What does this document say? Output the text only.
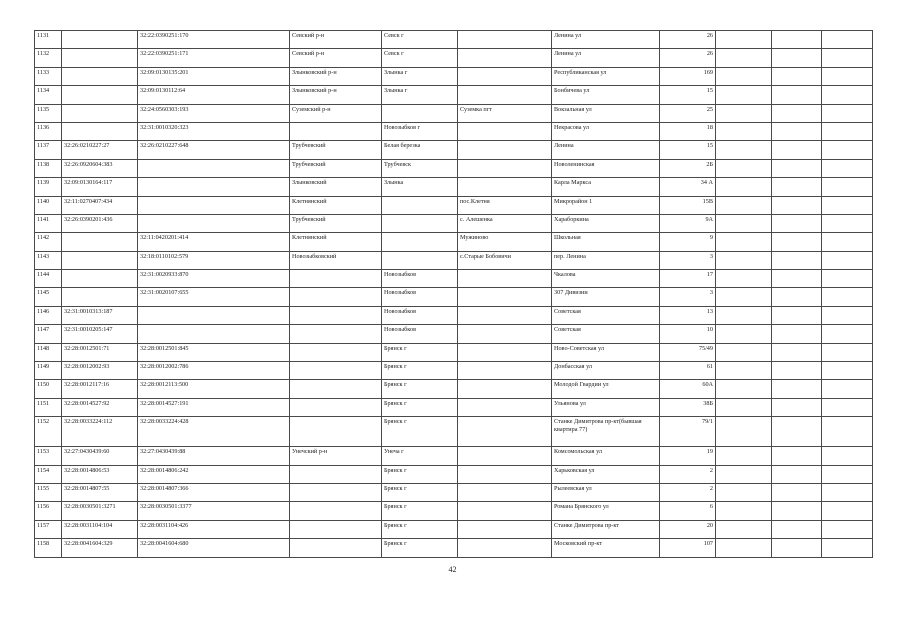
1131		32:22:0390251:170	Севский р-н	Севск г		Ленина ул	26			
1132		32:22:0390251:171	Севский р-н	Севск г		Ленина ул	26			
1133		32:09:0130135:201	Злынковский р-н	Злынка г		Республиканская ул	169			
1134		32:09:0130112:64	Злынковский р-н	Злынка г		Бонбичева ул	15			
1135		32:24:0560303:193	Суземский р-н		Суземка пгт	Вокзальная ул	25			
1136		32:31:0010320:323		Новозыбков г		Некрасова ул	18			
1137	32:26:0210227:27	32:26:0210227:648	Трубчевский	Белая березка		Ленина	15			
1138	32:26:0920604:383		Трубчевский	Трубчевск		Новоленинская	2Б			
1139	32:09:0130164:117		Злынковский	Злынка		Карла Маркса	34 А			
1140	32:11:0270407:434		Клетнянский		пос.Клетня	Микрорайон 1	15В			
1141	32:26:0390201:436		Трубчевский		с. Алешенка	Хараборкина	9А			
1142		32:11:0420201:414	Клетнянский		Мужиново	Школьная	9			
1143		32:18:0110102:579	Новозыбковский		с.Старые Бобовичи	пер. Ленина	3			
1144		32:31:0020933:870		Новозыбков		Чкалова	17			
1145		32:31:0020107:655		Новозыбков		307 Дивизии	3			
1146	32:31:0010313:187			Новозыбков		Советская	13			
1147	32:31:0010205:147			Новозыбков		Советская	10			
1148	32:28:0012501:71	32:28:0012501:845		Брянск г		Ново-Советская ул	75/49			
1149	32:28:0012002:93	32:28:0012002:786		Брянск г		Донбасская ул	61			
1150	32:28:0012117:16	32:28:0012113:500		Брянск г		Молодой Гвардии ул	60А			
1151	32:28:0014527:92	32:28:0014527:191		Брянск г		Ульянова ул	38Б			
1152	32:28:0033224:112	32:28:0033224:428		Брянск г		Станке Димитрова пр-кт(бывшая квартира 77)	79/1			
1153	32:27:0430439:60	32:27:0430439:88	Унечский р-н	Унеча г		Комсомольская ул	19			
1154	32:28:0014806:53	32:28:0014806:242		Брянск г		Харьковская ул	2			
1155	32:28:0014807:55	32:28:0014807:366		Брянск г		Рылеевская ул	2			
1156	32:28:0030501:3271	32:28:0030501:3377		Брянск г		Романа Брянского ул	6			
1157	32:28:0031104:104	32:28:0031104:426		Брянск г		Станке Димитрова пр-кт	20			
1158	32:28:0041604:329	32:28:0041604:680		Брянск г		Московский пр-кт	107			
42
